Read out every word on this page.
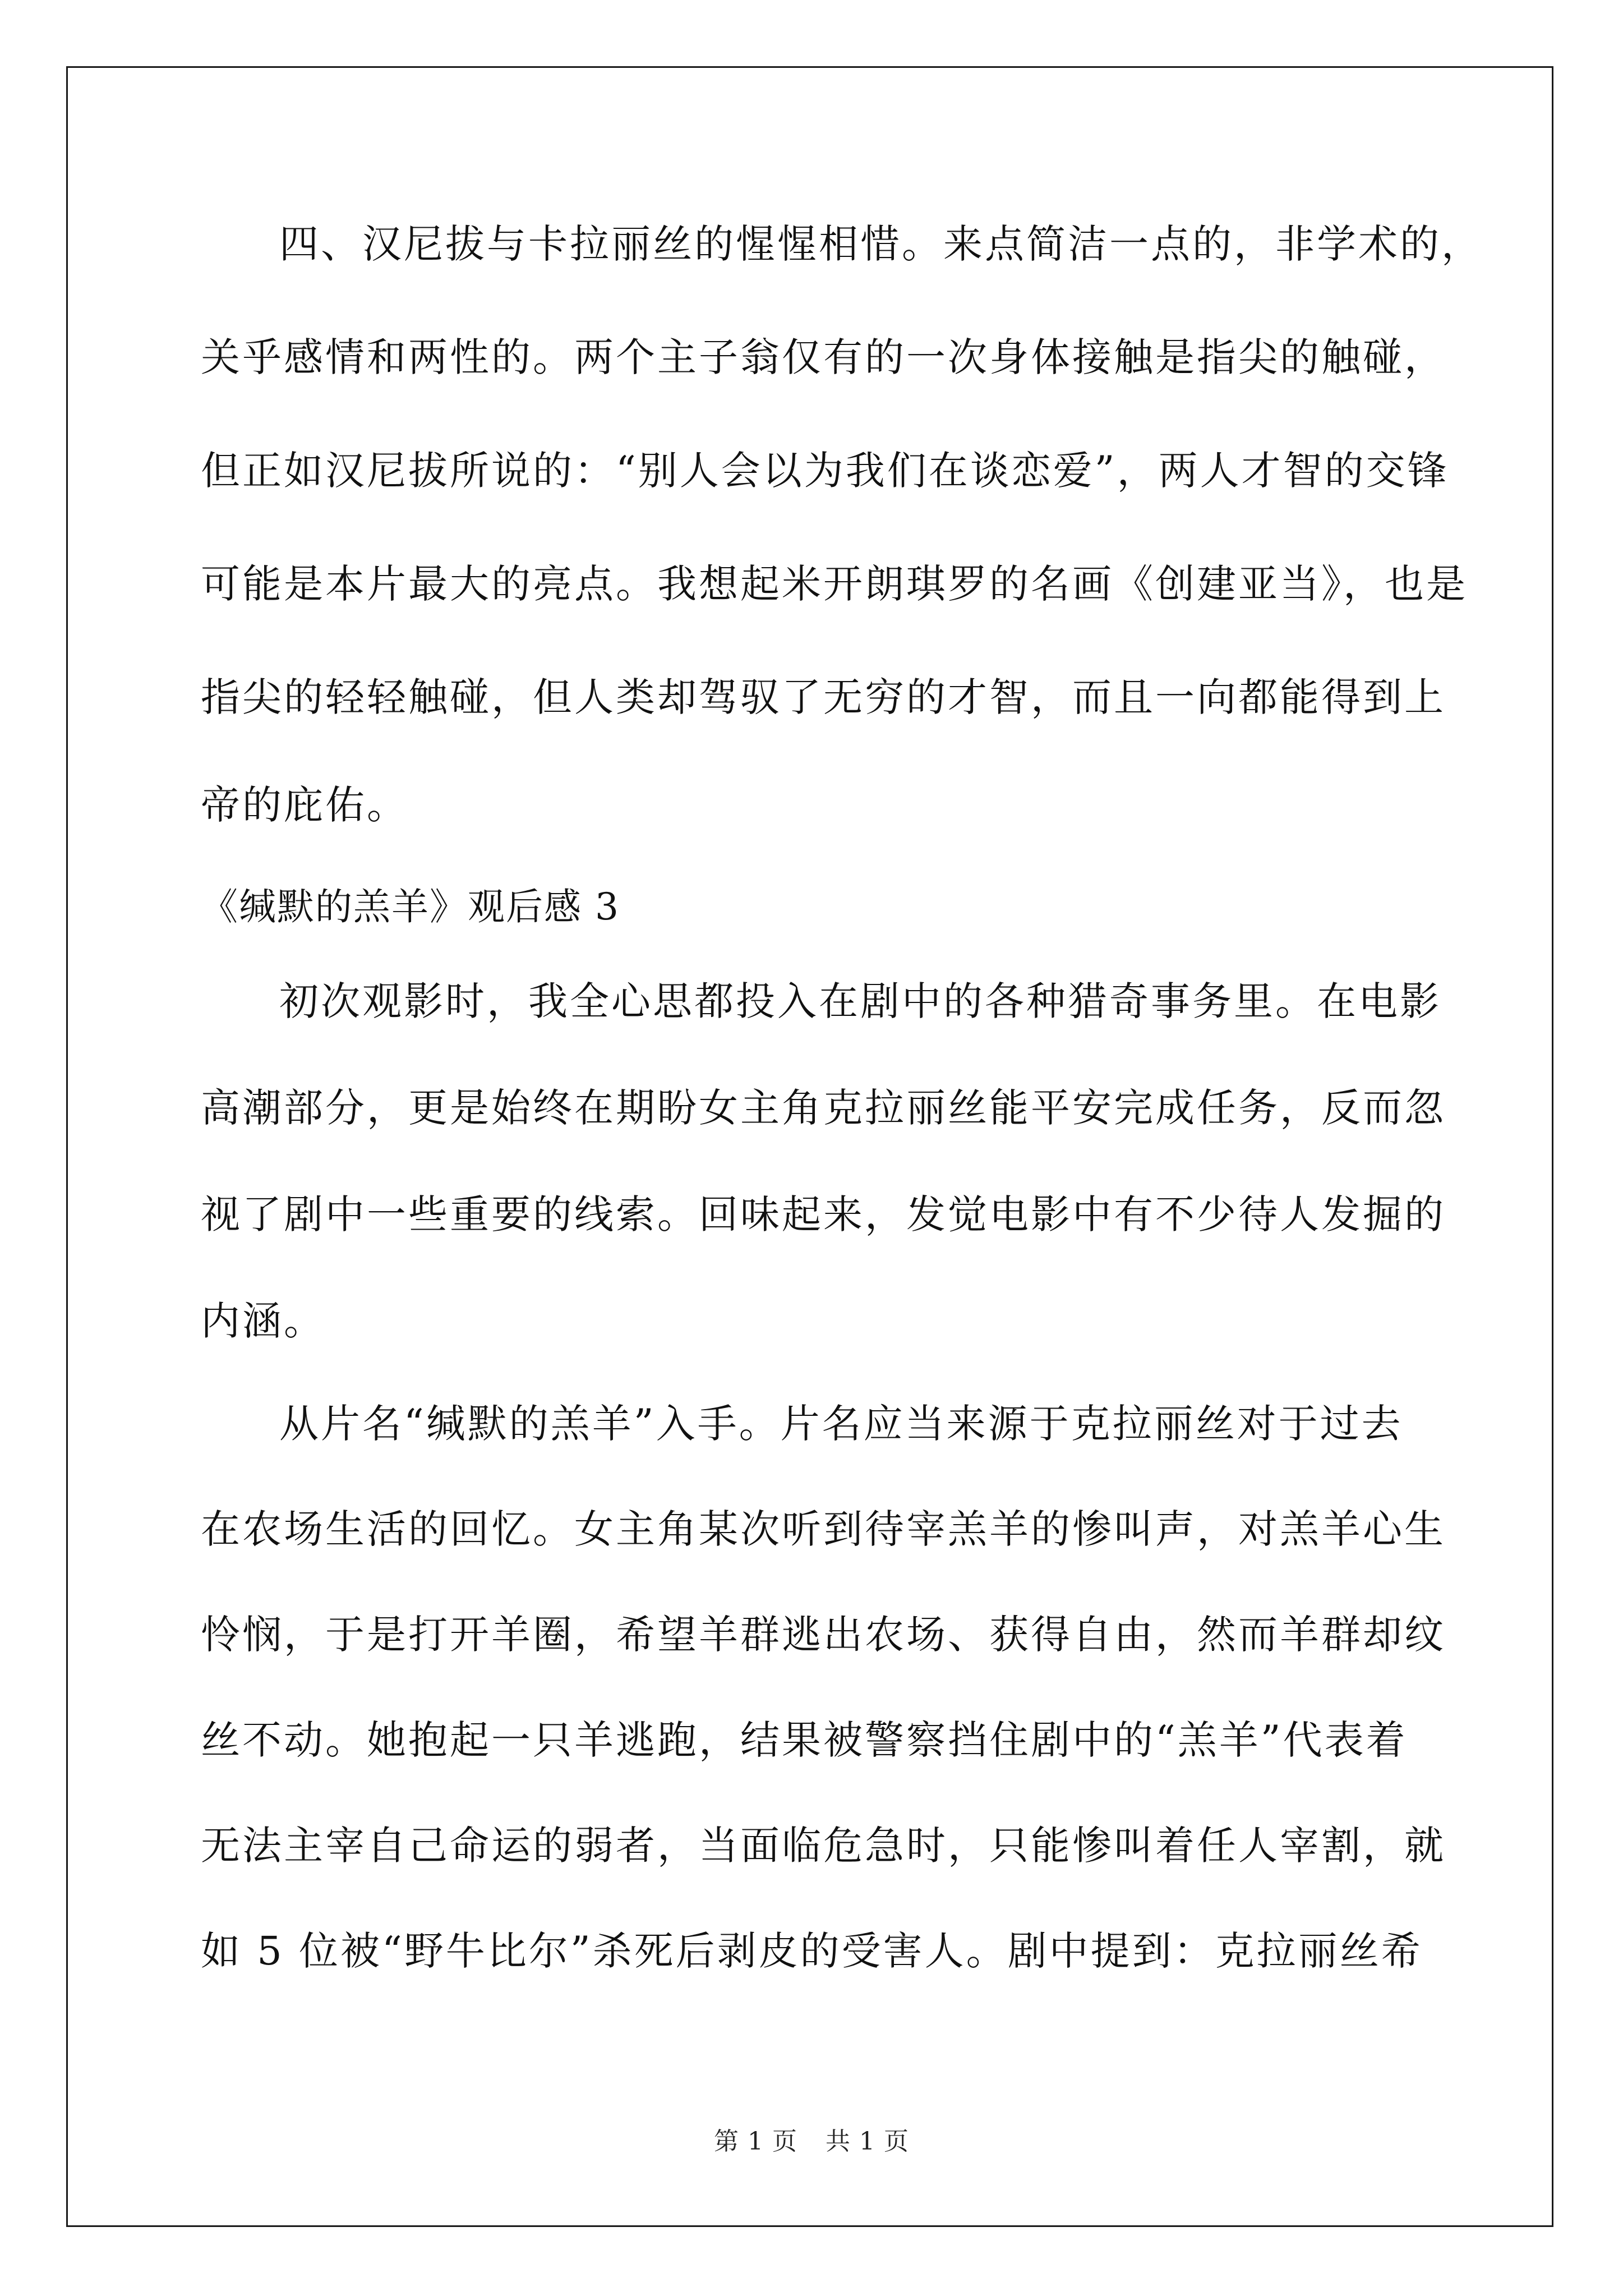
四、汉尼拔与卡拉丽丝的惺惺相惜。来点简洁一点的，非学术的，
关乎感情和两性的。两个主子翁仅有的一次身体接触是指尖的触碰，
但正如汉尼拔所说的：“别人会以为我们在谈恋爱”，两人才智的交锋
可能是本片最大的亮点。我想起米开朗琪罗的名画《创建亚当》，也是
指尖的轻轻触碰，但人类却驾驭了无穷的才智，而且一向都能得到上
帝的庇佑。
《缄默的羔羊》观后感 3
初次观影时，我全心思都投入在剧中的各种猎奇事务里。在电影
高潮部分，更是始终在期盼女主角克拉丽丝能平安完成任务，反而忽
视了剧中一些重要的线索。回味起来，发觉电影中有不少待人发掘的
内涵。
从片名“缄默的羔羊”入手。片名应当来源于克拉丽丝对于过去
在农场生活的回忆。女主角某次听到待宰羔羊的惨叫声，对羔羊心生
怜悯，于是打开羊圈，希望羊群逃出农场、获得自由，然而羊群却纹
丝不动。她抱起一只羊逃跑，结果被警察挡住剧中的“羔羊”代表着
无法主宰自己命运的弱者，当面临危急时，只能惨叫着任人宰割，就
如 5 位被“野牛比尔”杀死后剥皮的受害人。剧中提到：克拉丽丝希
第 1 页 共 1 页
